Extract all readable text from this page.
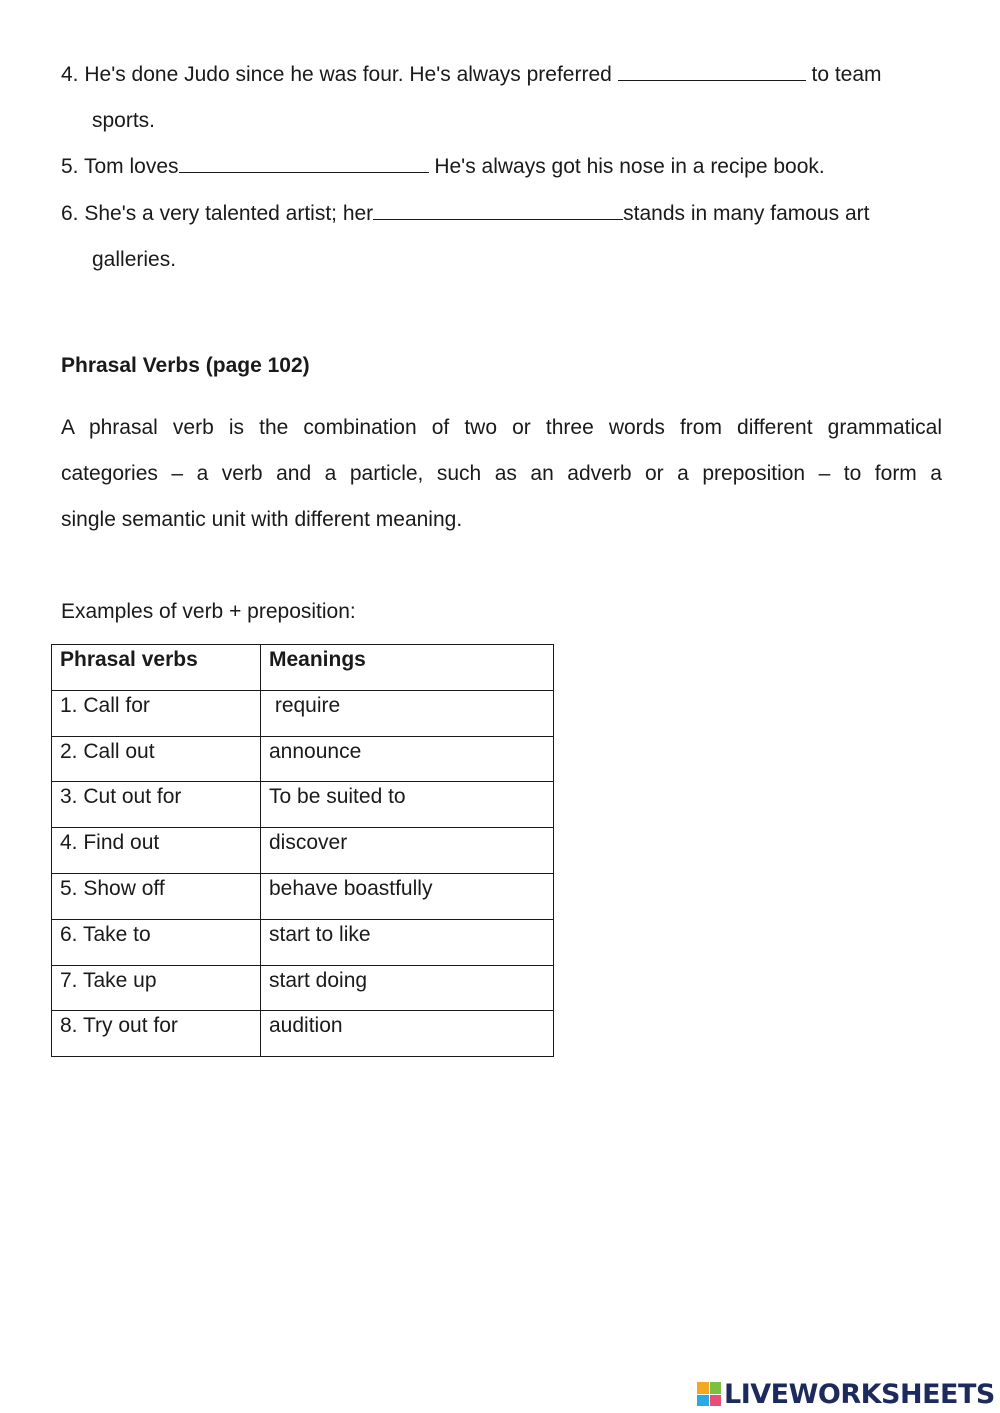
4. He's done Judo since he was four. He's always preferred	to team
sports.
5. Tom loves	He's always got his nose in a recipe book.
6. She's a very talented artist; her	stands in many famous art
galleries.
Phrasal Verbs (page 102)
A phrasal verb is the combination of two or three words from different grammatical
categories – a verb and a particle, such as an adverb or a preposition – to form a
single semantic unit with different meaning.
Examples of verb + preposition:
Phrasal verbs	Meanings
1. Call for	require
2. Call out	announce
3. Cut out for	To be suited to
4. Find out	discover
5. Show off	behave boastfully
6. Take to	start to like
7. Take up	start doing
8. Try out for	audition
LIVEWORKSHEETS
